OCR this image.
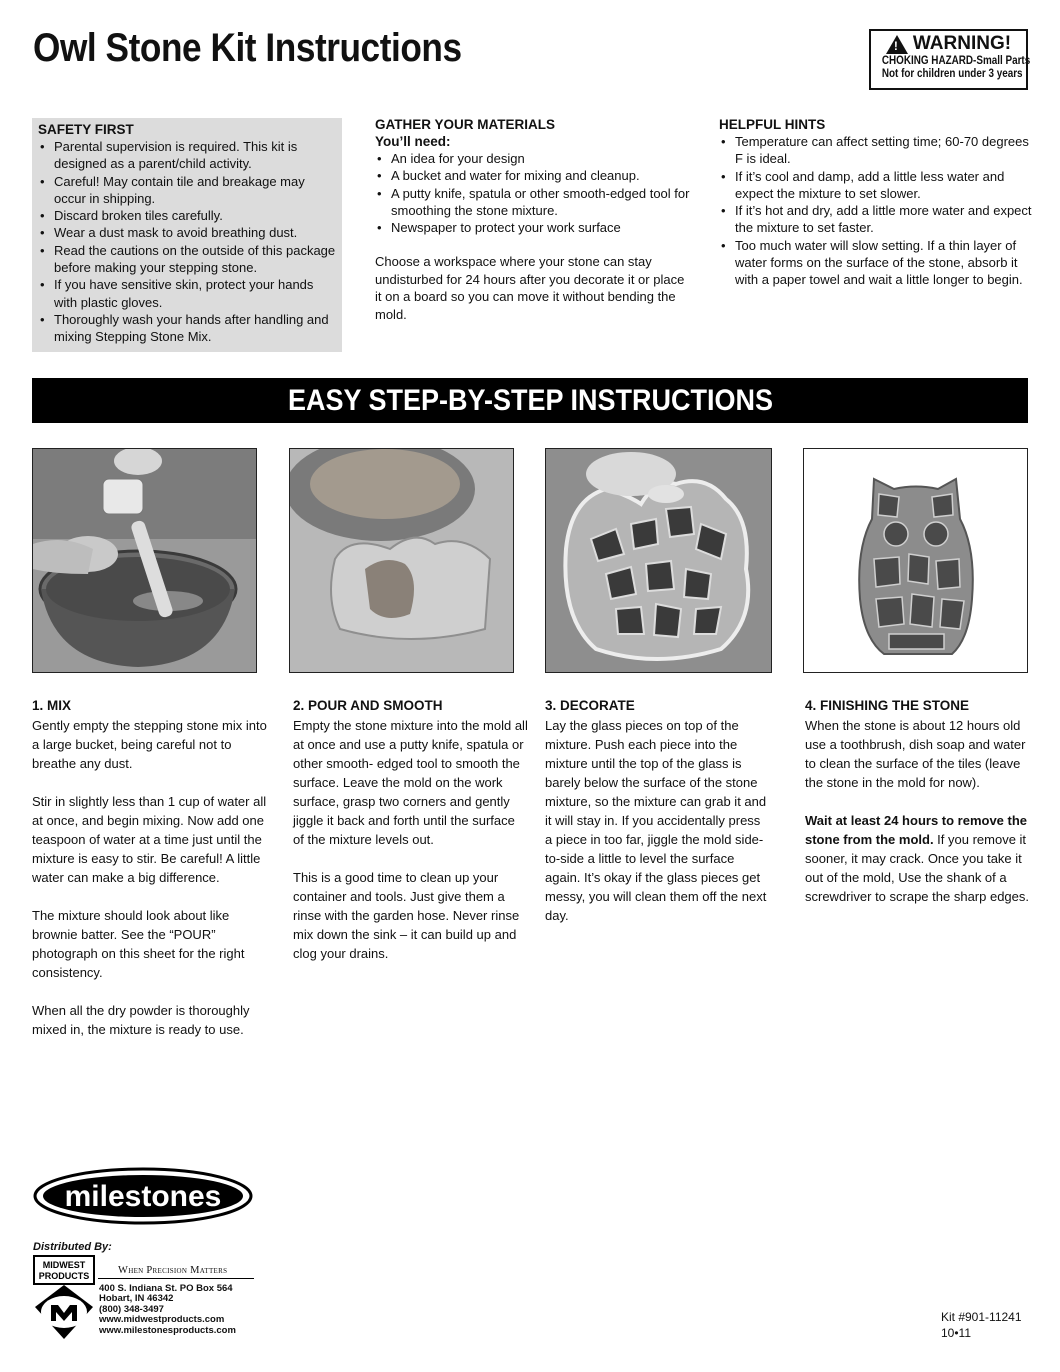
Owl Stone Kit Instructions	! WARNING!
CHOKING HAZARD-Small Parts
Not for children under 3 years
SAFETY FIRST
• Parental supervision is required. This kit is designed as a parent/child activity.
• Careful! May contain tile and breakage may occur in shipping.
• Discard broken tiles carefully.
• Wear a dust mask to avoid breathing dust.
• Read the cautions on the outside of this package before making your stepping stone.
• If you have sensitive skin, protect your hands with plastic gloves.
• Thoroughly wash your hands after handling and mixing Stepping Stone Mix.
GATHER YOUR MATERIALS
You’ll need:
• An idea for your design
• A bucket and water for mixing and cleanup.
• A putty knife, spatula or other smooth-edged tool for smoothing the stone mixture.
• Newspaper to protect your work surface

Choose a workspace where your stone can stay undisturbed for 24 hours after you decorate it or place it on a board so you can move it without bending the mold.

HELPFUL HINTS
• Temperature can affect setting time; 60-70 degrees F is ideal.
• If it’s cool and damp, add a little less water and expect the mixture to set slower.
• If it’s hot and dry, add a little more water and expect the mixture to set faster.
• Too much water will slow setting. If a thin layer of water forms on the surface of the stone, absorb it with a paper towel and wait a little longer to begin.
EASY STEP-BY-STEP INSTRUCTIONS
1. MIX

Gently empty the stepping stone mix into a large bucket, being careful not to breathe any dust.

Stir in slightly less than 1 cup of water all at once, and begin mixing. Now add one teaspoon of water at a time just until the mixture is easy to stir. Be careful! A little water can make a big difference.

The mixture should look about like brownie batter. See the “POUR” photograph on this sheet for the right consistency.

When all the dry powder is thoroughly mixed in, the mixture is ready to use.

2. POUR AND SMOOTH

Empty the stone mixture into the mold all at once and use a putty knife, spatula or other smooth- edged tool to smooth the surface. Leave the mold on the work surface, grasp two corners and gently jiggle it back and forth until the surface of the mixture levels out.

This is a good time to clean up your container and tools. Just give them a rinse with the garden hose. Never rinse mix down the sink – it can build up and clog your drains.

3. DECORATE

Lay the glass pieces on top of the mixture. Push each piece into the mixture until the top of the glass is barely below the surface of the stone mixture, so the mixture can grab it and it will stay in. If you accidentally press a piece in too far, jiggle the mold side-to-side a little to level the surface again. It’s okay if the glass pieces get messy, you will clean them off the next day.

4. FINISHING THE STONE

When the stone is about 12 hours old use a toothbrush, dish soap and water to clean the surface of the tiles (leave the stone in the mold for now).

Wait at least 24 hours to remove the stone from the mold. If you remove it sooner, it may crack. Once you take it out of the mold, Use the shank of a screwdriver to scrape the sharp edges.

milestones
Distributed By:
MIDWEST
PRODUCTS	When Precision Matters
400 S. Indiana St. PO Box 564
Hobart, IN 46342
(800) 348-3497
www.midwestproducts.com
www.milestonesproducts.com
Kit #901-11241
10•11
